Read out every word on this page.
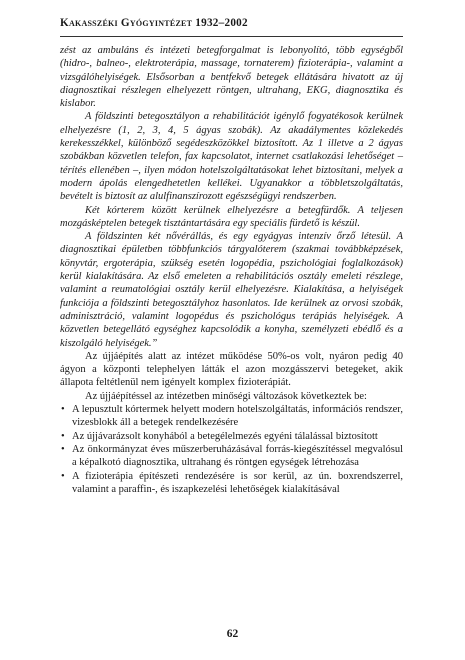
Kakasszéki Gyógyintézet 1932–2002

zést az ambuláns és intézeti betegforgalmat is lebonyolító, több egységből (hidro-, balneo-, elektroterápia, massage, tornaterem) fizioterápia-, valamint a vizsgálóhelyiségek. Elsősorban a bentfekvő betegek ellátására hivatott az új diagnosztikai részlegen elhelyezett röntgen, ultrahang, EKG, diagnosztika és kislabor.

A földszinti betegosztályon a rehabilitációt igénylő fogyatékosok kerülnek elhelyezésre (1, 2, 3, 4, 5 ágyas szobák). Az akadálymentes közlekedés kerekesszékkel, különböző segédeszközökkel biztosított. Az 1 illetve a 2 ágyas szobákban közvetlen telefon, fax kapcsolatot, internet csatlakozási lehetőséget – térítés ellenében –, ilyen módon hotelszolgáltatásokat lehet biztosítani, melyek a modern ápolás elengedhetetlen kellékei. Ugyanakkor a többletszolgáltatás, bevételt is biztosít az alulfinanszírozott egészségügyi rendszerben.

Két kórterem között kerülnek elhelyezésre a betegfürdők. A teljesen mozgásképtelen betegek tisztántartására egy speciális fürdető is készül.

A földszinten két nővérállás, és egy egyágyas intenzív őrző létesül. A diagnosztikai épületben többfunkciós tárgyalóterem (szakmai továbbképzések, könyvtár, ergoterápia, szükség esetén logopédia, pszichológiai foglalkozások) kerül kialakítására. Az első emeleten a rehabilitációs osztály emeleti részlege, valamint a reumatológiai osztály kerül elhelyezésre. Kialakítása, a helyiségek funkciója a földszinti betegosztályhoz hasonlatos. Ide kerülnek az orvosi szobák, adminisztráció, valamint logopédus és pszichológus terápiás helyiségek. A közvetlen betegellátó egységhez kapcsolódik a konyha, személyzeti ebédlő és a kiszolgáló helyiségek.”

Az újjáépítés alatt az intézet működése 50%-os volt, nyáron pedig 40 ágyon a központi telephelyen látták el azon mozgásszervi betegeket, akik állapota feltétlenül nem igényelt komplex fizioterápiát.

Az újjáépítéssel az intézetben minőségi változások következtek be:

• A lepusztult kórtermek helyett modern hotelszolgáltatás, információs rendszer, vizesblokk áll a betegek rendelkezésére
• Az újjávarázsolt konyhából a betegélelmezés egyéni tálalással biztosított
• Az önkormányzat éves műszerberuházásával forrás-kiegészítéssel megvalósul a képalkotó diagnosztika, ultrahang és röntgen egységek létrehozása
• A fizioterápia építészeti rendezésére is sor kerül, az ún. boxrendszerrel, valamint a paraffin-, és iszapkezelési lehetőségek kialakításával
62
